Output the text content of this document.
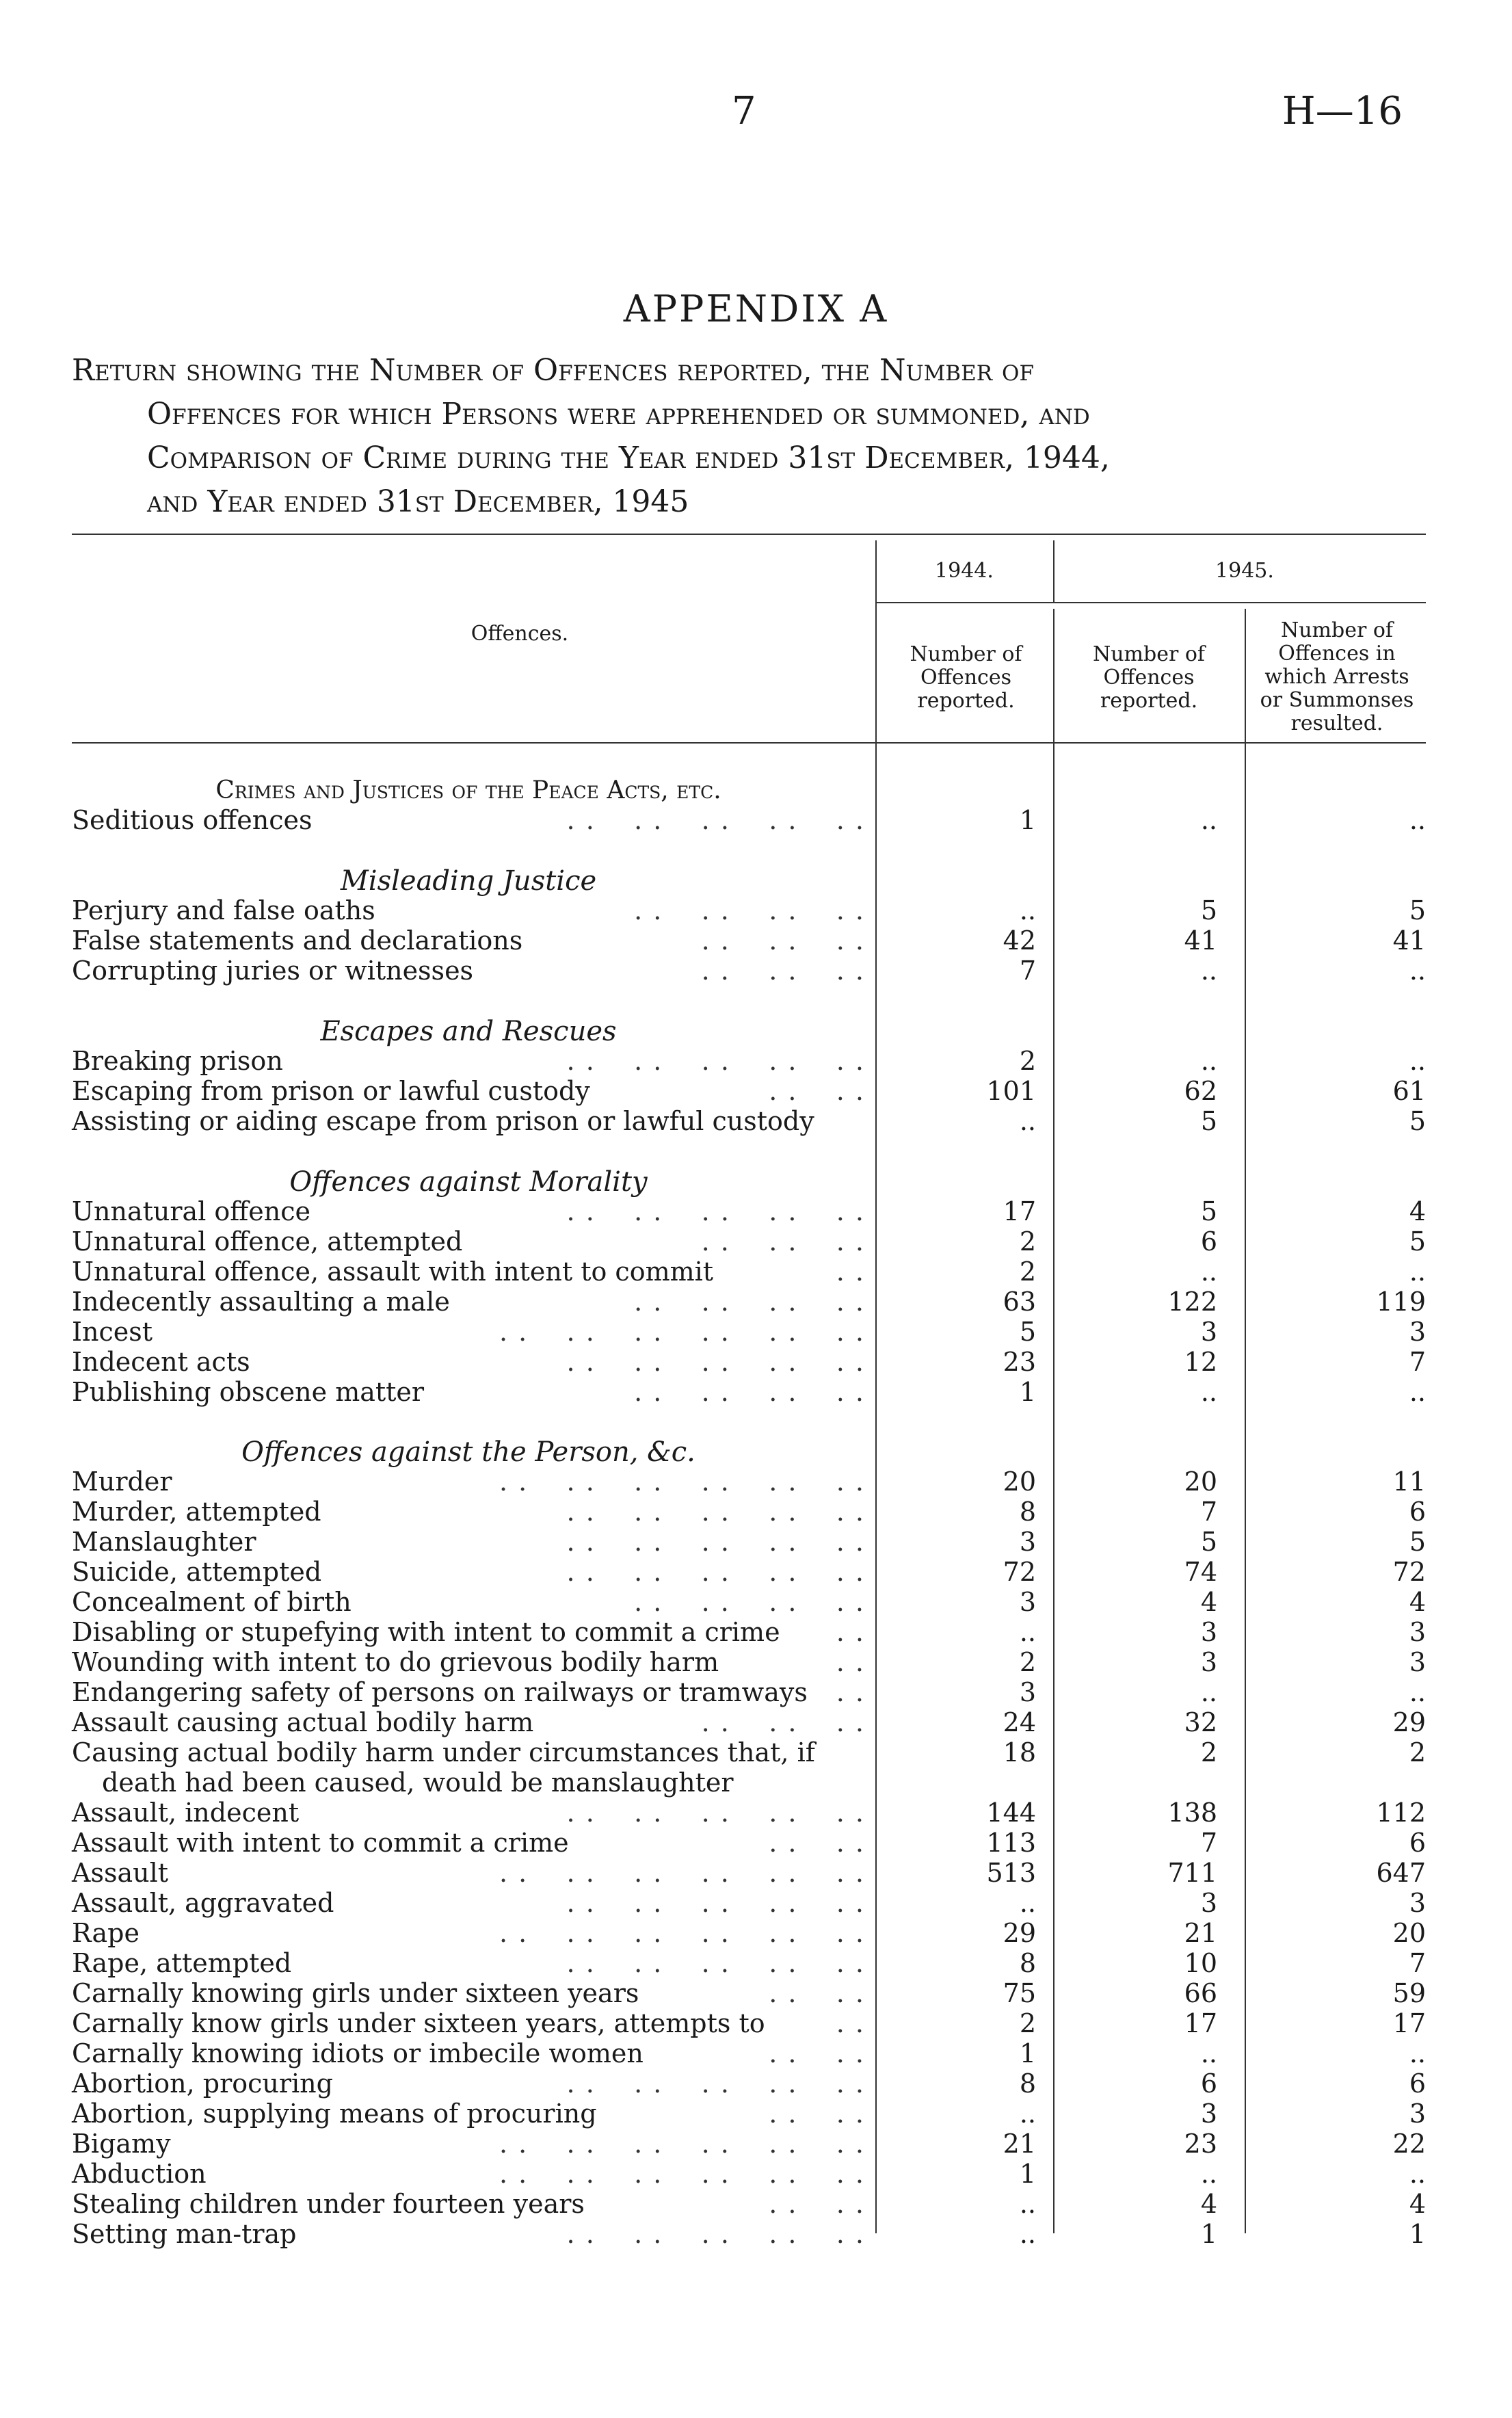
7	H—16
APPENDIX A
Return showing the Number of Offences reported, the Number of
Offences for which Persons were apprehended or summoned, and
Comparison of Crime during the Year ended 31st December, 1944,
and Year ended 31st December, 1945
Offences.
1944.	1945.
Number of Offences reported.
Number of Offences reported.
Number of Offences in which Arrests or Summonses resulted.
Crimes and Justices of the Peace Acts, etc.
. .    . .    . .    . .    . .
Seditious offences	1	..	..
Misleading Justice
. .    . .    . .    . .
Perjury and false oaths	..	5	5
. .    . .    . .
False statements and declarations	42	41	41
. .    . .    . .
Corrupting juries or witnesses	7	..	..
Escapes and Rescues
. .    . .    . .    . .    . .
Breaking prison	2	..	..
. .    . .
Escaping from prison or lawful custody	101	62	61
Assisting or aiding escape from prison or lawful custody	..	5	5
Offences against Morality
. .    . .    . .    . .    . .
Unnatural offence	17	5	4
. .    . .    . .
Unnatural offence, attempted	2	6	5
. .
Unnatural offence, assault with intent to commit	2	..	..
. .    . .    . .    . .
Indecently assaulting a male	63	122	119
. .    . .    . .    . .    . .    . .
Incest	5	3	3
. .    . .    . .    . .    . .
Indecent acts	23	12	7
. .    . .    . .    . .
Publishing obscene matter	1	..	..
Offences against the Person, &c.
. .    . .    . .    . .    . .    . .
Murder	20	20	11
. .    . .    . .    . .    . .
Murder, attempted	8	7	6
. .    . .    . .    . .    . .
Manslaughter	3	5	5
. .    . .    . .    . .    . .
Suicide, attempted	72	74	72
. .    . .    . .    . .
Concealment of birth	3	4	4
. .
Disabling or stupefying with intent to commit a crime	..	3	3
. .
Wounding with intent to do grievous bodily harm	2	3	3
. .
Endangering safety of persons on railways or tramways	3	..	..
. .    . .    . .
Assault causing actual bodily harm	24	32	29
Causing actual bodily harm under circumstances that, if
death had been caused, would be manslaughter
18	2	2
. .    . .    . .    . .    . .
Assault, indecent	144	138	112
. .    . .
Assault with intent to commit a crime	113	7	6
. .    . .    . .    . .    . .    . .
Assault	513	711	647
. .    . .    . .    . .    . .
Assault, aggravated	..	3	3
. .    . .    . .    . .    . .    . .
Rape	29	21	20
. .    . .    . .    . .    . .
Rape, attempted	8	10	7
. .    . .
Carnally knowing girls under sixteen years	75	66	59
. .
Carnally know girls under sixteen years, attempts to	2	17	17
. .    . .
Carnally knowing idiots or imbecile women	1	..	..
. .    . .    . .    . .    . .
Abortion, procuring	8	6	6
. .    . .
Abortion, supplying means of procuring	..	3	3
. .    . .    . .    . .    . .    . .
Bigamy	21	23	22
. .    . .    . .    . .    . .    . .
Abduction	1	..	..
. .    . .
Stealing children under fourteen years	..	4	4
. .    . .    . .    . .    . .
Setting man-trap	..	1	1
